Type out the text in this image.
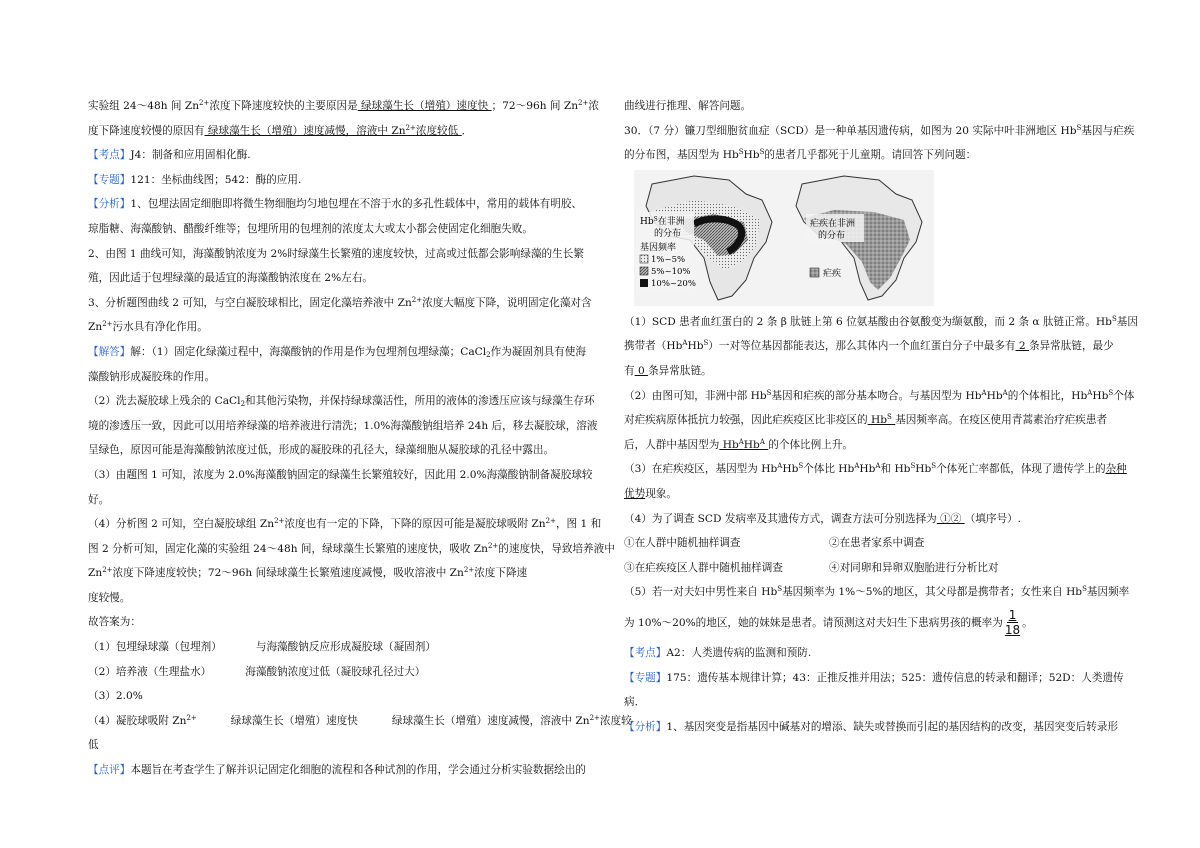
实验组 24～48h 间 $Zn^{2+}$浓度下降速度较快的主要原因是 绿球藻生长（增殖）速度快 ；72～96h 间 $Zn^{2+}$浓

度下降速度较慢的原因有 绿球藻生长（增殖）速度减慢，溶液中 $Zn^{2+}$浓度较低 ．

【考点】J4：制备和应用固相化酶.

【专题】121：坐标曲线图；542：酶的应用.

【分析】1、包埋法固定细胞即将微生物细胞均匀地包埋在不溶于水的多孔性载体中，常用的载体有明胶、

琼脂糖、海藻酸钠、醋酸纤维等；包埋所用的包埋剂的浓度太大或太小都会使固定化细胞失败。

2、由图 1 曲线可知，海藻酸钠浓度为 2%时绿藻生长繁殖的速度较快，过高或过低都会影响绿藻的生长繁

殖，因此适于包埋绿藻的最适宜的海藻酸钠浓度在 2%左右。

3、分析题图曲线 2 可知，与空白凝胶球相比，固定化藻培养液中 $Zn^{2+}$浓度大幅度下降，说明固定化藻对含

$Zn^{2+}$污水具有净化作用。

【解答】解：（1）固定化绿藻过程中，海藻酸钠的作用是作为包埋剂包埋绿藻；CaCl$_2$作为凝固剂具有使海

藻酸钠形成凝胶珠的作用。

（2）洗去凝胶球上残余的 CaCl$_2$和其他污染物，并保持绿球藻活性，所用的液体的渗透压应该与绿藻生存环

境的渗透压一致，因此可以用培养绿藻的培养液进行清洗；1.0%海藻酸钠组培养 24h 后，移去凝胶球，溶液

呈绿色，原因可能是海藻酸钠浓度过低，形成的凝胶珠的孔径大，绿藻细胞从凝胶球的孔径中露出。

（3）由题图 1 可知，浓度为 2.0%海藻酸钠固定的绿藻生长繁殖较好，因此用 2.0%海藻酸钠制备凝胶球较

好。

（4）分析图 2 可知，空白凝胶球组 $Zn^{2+}$浓度也有一定的下降，下降的原因可能是凝胶球吸附 $Zn^{2+}$，图 1 和

图 2 分析可知，固定化藻的实验组 24～48h 间，绿球藻生长繁殖的速度快，吸收 $Zn^{2+}$的速度快，导致培养液中

$Zn^{2+}$浓度下降速度较快；72～96h 间绿球藻生长繁殖速度减慢，吸收溶液中 $Zn^{2+}$浓度下降速

度较慢。

故答案为：

（1）包埋绿球藻（包埋剂）	与海藻酸钠反应形成凝胶球（凝固剂）

（2）培养液（生理盐水）	海藻酸钠浓度过低（凝胶球孔径过大）

（3）2.0%

（4）凝胶球吸附 $Zn^{2+}$	绿球藻生长（增殖）速度快	绿球藻生长（增殖）速度减慢，溶液中 $Zn^{2+}$浓度较

低

【点评】本题旨在考查学生了解并识记固定化细胞的流程和各种试剂的作用，学会通过分析实验数据绘出的

曲线进行推理、解答问题。

30．（7 分）镰刀型细胞贫血症（SCD）是一种单基因遗传病，如图为 20 实际中叶非洲地区 $Hb^S$基因与疟疾

的分布图，基因型为 $Hb^SHb^S$的患者几乎都死于儿童期。请回答下列问题：

$Hb^S$在非洲
的分布
基因频率
1%~5%
5%~10%
10%~20%
疟疾在非洲
的分布
疟疾

（1）SCD 患者血红蛋白的 2 条 β 肽链上第 6 位氨基酸由谷氨酸变为缬氨酸，而 2 条 α 肽链正常。$Hb^S$基因

携带者$(Hb^AHb^S)$一对等位基因都能表达，那么其体内一个血红蛋白分子中最多有 2 条异常肽链，最少

有 0 条异常肽链。

（2）由图可知，非洲中部 $Hb^S$基因和疟疾的部分基本吻合。与基因型为 $Hb^AHb^A$的个体相比，$Hb^AHb^S$个体

对疟疾病原体抵抗力较强，因此疟疾疫区比非疫区的 $Hb^S$ 基因频率高。在疫区使用青蒿素治疗疟疾患者

后，人群中基因型为 $Hb^AHb^A$ 的个体比例上升。

（3）在疟疾疫区，基因型为 $Hb^AHb^S$个体比 $Hb^AHb^A$和 $Hb^SHb^S$个体死亡率都低，体现了遗传学上的杂种

优势现象。

（4）为了调查 SCD 发病率及其遗传方式，调查方法可分别选择为 ①② （填序号）.

①在人群中随机抽样调查	②在患者家系中调查

③在疟疾疫区人群中随机抽样调查	④对同卵和异卵双胞胎进行分析比对

（5）若一对夫妇中男性来自 $Hb^S$基因频率为 1%～5%的地区，其父母都是携带者；女性来自 $Hb^S$基因频率

为 10%～20%的地区，她的妹妹是患者。请预测这对夫妇生下患病男孩的概率为 $\frac{1}{18}$ 。

【考点】A2：人类遗传病的监测和预防.

【专题】175：遗传基本规律计算；43：正推反推并用法；525：遗传信息的转录和翻译；52D：人类遗传

病．

【分析】1、基因突变是指基因中碱基对的增添、缺失或替换而引起的基因结构的改变，基因突变后转录形
